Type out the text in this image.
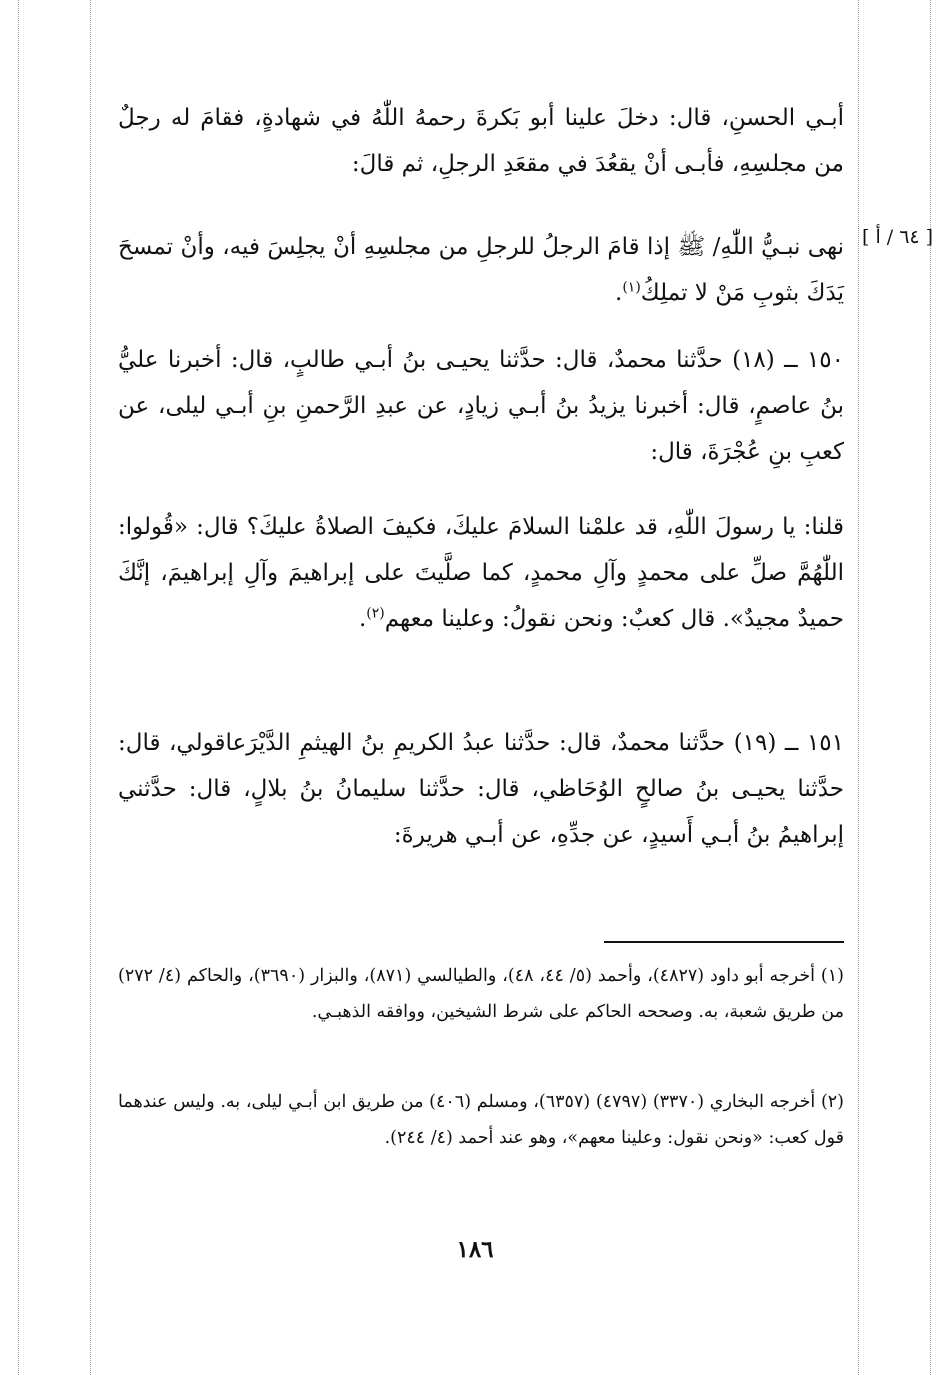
[ ٦٤ / أ ]
أبـي الحسنِ، قال: دخلَ علينا أبو بَكرةَ رحمهُ اللّٰهُ في شهادةٍ، فقامَ له رجلٌ من مجلسِهِ، فأبـى أنْ يقعُدَ في مقعَدِ الرجلِ، ثم قالَ:
نهى نبـيُّ اللّٰهِ/ ﷺ إذا قامَ الرجلُ للرجلِ من مجلسِهِ أنْ يجلِسَ فيه، وأنْ تمسحَ يَدَكَ بثوبِ مَنْ لا تملِكُ$^{(١)}$.
١٥٠ ــ (١٨) حدَّثنا محمدٌ، قال: حدَّثنا يحيـى بنُ أبـي طالبٍ، قال: أخبرنا عليُّ بنُ عاصمٍ، قال: أخبرنا يزيدُ بنُ أبـي زيادٍ، عن عبدِ الرَّحمنِ بنِ أبـي ليلى، عن كعبِ بنِ عُجْرَةَ، قال:
قلنا: يا رسولَ اللّٰهِ، قد علمْنا السلامَ عليكَ، فكيفَ الصلاةُ عليكَ؟ قال: «قُولوا: اللّٰهُمَّ صلِّ على محمدٍ وآلِ محمدٍ، كما صلَّيتَ على إبراهيمَ وآلِ إبراهيمَ، إنَّكَ حميدٌ مجيدٌ». قال كعبٌ: ونحن نقولُ: وعلينا معهم$^{(٢)}$.
١٥١ ــ (١٩) حدَّثنا محمدٌ، قال: حدَّثنا عبدُ الكريمِ بنُ الهيثمِ الدَّيْرَعاقولي، قال: حدَّثنا يحيـى بنُ صالحٍ الوُحَاظي، قال: حدَّثنا سليمانُ بنُ بلالٍ، قال: حدَّثني إبراهيمُ بنُ أبـي أَسيدٍ، عن جدِّهِ، عن أبـي هريرةَ:
(١) أخرجه أبو داود (٤٨٢٧)، وأحمد (٥/ ٤٤، ٤٨)، والطيالسي (٨٧١)، والبزار (٣٦٩٠)، والحاكم (٤/ ٢٧٢) من طريق شعبة، به. وصححه الحاكم على شرط الشيخين، ووافقه الذهبـي.
(٢) أخرجه البخاري (٣٣٧٠) (٤٧٩٧) (٦٣٥٧)، ومسلم (٤٠٦) من طريق ابن أبـي ليلى، به. وليس عندهما قول كعب: «ونحن نقول: وعلينا معهم»، وهو عند أحمد (٤/ ٢٤٤).
١٨٦
